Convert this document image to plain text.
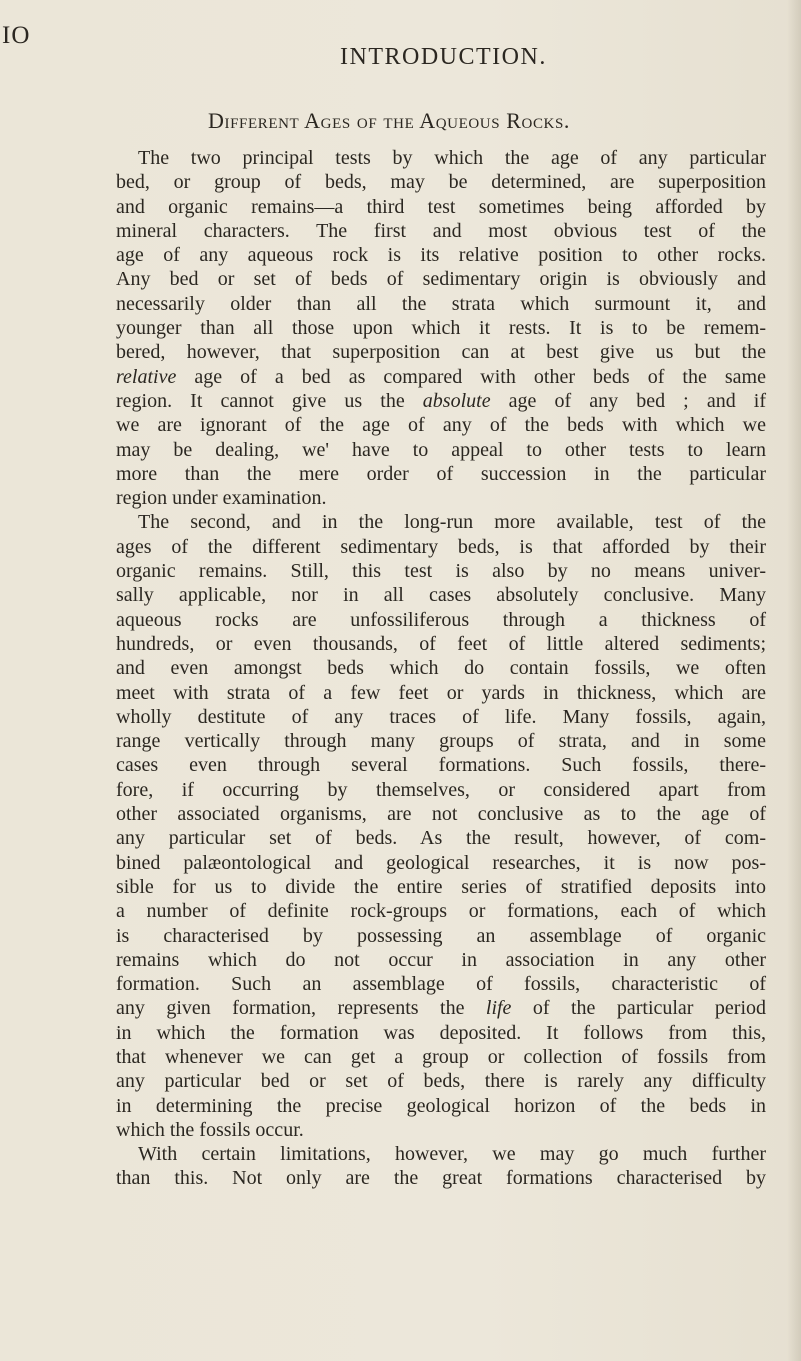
IO
INTRODUCTION.
Different Ages of the Aqueous Rocks.
The two principal tests by which the age of any particular
bed, or group of beds, may be determined, are superposition
and organic remains—a third test sometimes being afforded by
mineral characters. The first and most obvious test of the
age of any aqueous rock is its relative position to other rocks.
Any bed or set of beds of sedimentary origin is obviously and
necessarily older than all the strata which surmount it, and
younger than all those upon which it rests. It is to be remem-
bered, however, that superposition can at best give us but the
relative age of a bed as compared with other beds of the same
region. It cannot give us the absolute age of any bed ; and if
we are ignorant of the age of any of the beds with which we
may be dealing, we' have to appeal to other tests to learn
more than the mere order of succession in the particular
region under examination.
The second, and in the long-run more available, test of the
ages of the different sedimentary beds, is that afforded by their
organic remains. Still, this test is also by no means univer-
sally applicable, nor in all cases absolutely conclusive. Many
aqueous rocks are unfossiliferous through a thickness of
hundreds, or even thousands, of feet of little altered sediments;
and even amongst beds which do contain fossils, we often
meet with strata of a few feet or yards in thickness, which are
wholly destitute of any traces of life. Many fossils, again,
range vertically through many groups of strata, and in some
cases even through several formations. Such fossils, there-
fore, if occurring by themselves, or considered apart from
other associated organisms, are not conclusive as to the age of
any particular set of beds. As the result, however, of com-
bined palæontological and geological researches, it is now pos-
sible for us to divide the entire series of stratified deposits into
a number of definite rock-groups or formations, each of which
is characterised by possessing an assemblage of organic
remains which do not occur in association in any other
formation. Such an assemblage of fossils, characteristic of
any given formation, represents the life of the particular period
in which the formation was deposited. It follows from this,
that whenever we can get a group or collection of fossils from
any particular bed or set of beds, there is rarely any difficulty
in determining the precise geological horizon of the beds in
which the fossils occur.
With certain limitations, however, we may go much further
than this. Not only are the great formations characterised by
